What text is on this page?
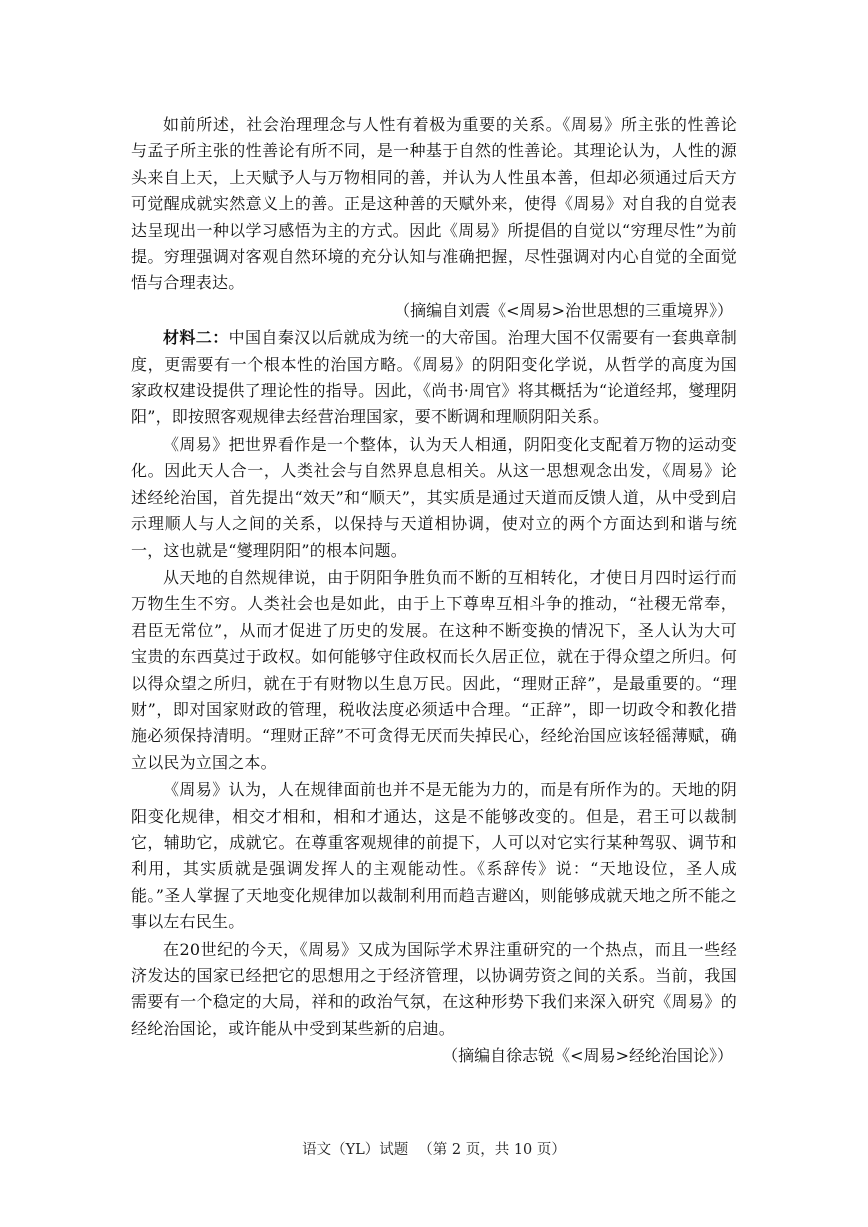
如前所述，社会治理理念与人性有着极为重要的关系。《周易》所主张的性善论与孟子所主张的性善论有所不同，是一种基于自然的性善论。其理论认为，人性的源头来自上天，上天赋予人与万物相同的善，并认为人性虽本善，但却必须通过后天方可觉醒成就实然意义上的善。正是这种善的天赋外来，使得《周易》对自我的自觉表达呈现出一种以学习感悟为主的方式。因此《周易》所提倡的自觉以“穷理尽性”为前提。穷理强调对客观自然环境的充分认知与准确把握，尽性强调对内心自觉的全面觉悟与合理表达。

（摘编自刘震《<周易>治世思想的三重境界》）

材料二：中国自秦汉以后就成为统一的大帝国。治理大国不仅需要有一套典章制度，更需要有一个根本性的治国方略。《周易》的阴阳变化学说，从哲学的高度为国家政权建设提供了理论性的指导。因此，《尚书·周官》将其概括为“论道经邦，燮理阴阳”，即按照客观规律去经营治理国家，要不断调和理顺阴阳关系。

《周易》把世界看作是一个整体，认为天人相通，阴阳变化支配着万物的运动变化。因此天人合一，人类社会与自然界息息相关。从这一思想观念出发，《周易》论述经纶治国，首先提出“效天”和“顺天”，其实质是通过天道而反馈人道，从中受到启示理顺人与人之间的关系，以保持与天道相协调，使对立的两个方面达到和谐与统一，这也就是“燮理阴阳”的根本问题。

从天地的自然规律说，由于阴阳争胜负而不断的互相转化，才使日月四时运行而万物生生不穷。人类社会也是如此，由于上下尊卑互相斗争的推动，“社稷无常奉，君臣无常位”，从而才促进了历史的发展。在这种不断变换的情况下，圣人认为大可宝贵的东西莫过于政权。如何能够守住政权而长久居正位，就在于得众望之所归。何以得众望之所归，就在于有财物以生息万民。因此，“理财正辞”，是最重要的。“理财”，即对国家财政的管理，税收法度必须适中合理。“正辞”，即一切政令和教化措施必须保持清明。“理财正辞”不可贪得无厌而失掉民心，经纶治国应该轻徭薄赋，确立以民为立国之本。

《周易》认为，人在规律面前也并不是无能为力的，而是有所作为的。天地的阴阳变化规律，相交才相和，相和才通达，这是不能够改变的。但是，君王可以裁制它，辅助它，成就它。在尊重客观规律的前提下，人可以对它实行某种驾驭、调节和利用，其实质就是强调发挥人的主观能动性。《系辞传》说：“天地设位，圣人成能。”圣人掌握了天地变化规律加以裁制利用而趋吉避凶，则能够成就天地之所不能之事以左右民生。

在20世纪的今天，《周易》又成为国际学术界注重研究的一个热点，而且一些经济发达的国家已经把它的思想用之于经济管理，以协调劳资之间的关系。当前，我国需要有一个稳定的大局，祥和的政治气氛，在这种形势下我们来深入研究《周易》的经纶治国论，或许能从中受到某些新的启迪。

（摘编自徐志锐《<周易>经纶治国论》）

语文（YL）试题 （第 2 页，共 10 页）
